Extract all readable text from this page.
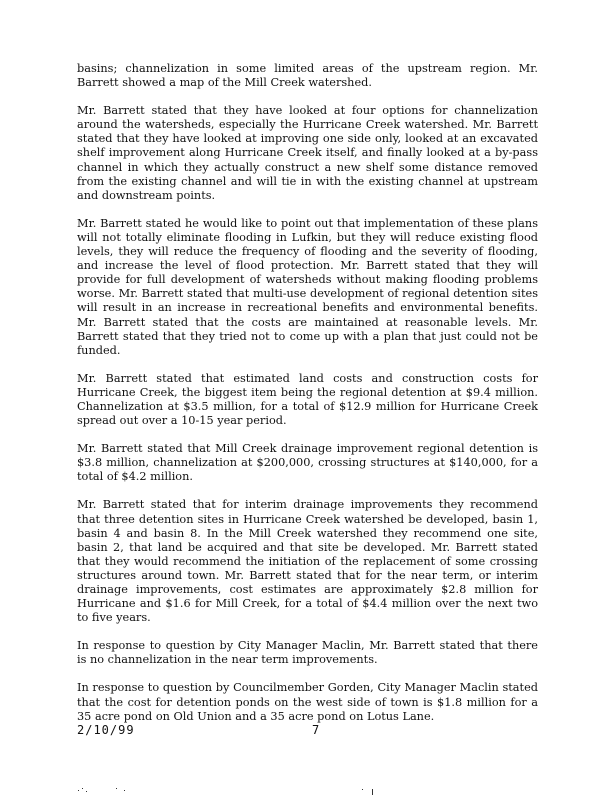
basins; channelization in some limited areas of the upstream region. Mr. Barrett showed a map of the Mill Creek watershed.

Mr. Barrett stated that they have looked at four options for channelization around the watersheds, especially the Hurricane Creek watershed. Mr. Barrett stated that they have looked at improving one side only, looked at an excavated shelf improvement along Hurricane Creek itself, and finally looked at a by-pass channel in which they actually construct a new shelf some distance removed from the existing channel and will tie in with the existing channel at upstream and downstream points.

Mr. Barrett stated he would like to point out that implementation of these plans will not totally eliminate flooding in Lufkin, but they will reduce existing flood levels, they will reduce the frequency of flooding and the severity of flooding, and increase the level of flood protection. Mr. Barrett stated that they will provide for full development of watersheds without making flooding problems worse. Mr. Barrett stated that multi-use development of regional detention sites will result in an increase in recreational benefits and environmental benefits. Mr. Barrett stated that the costs are maintained at reasonable levels. Mr. Barrett stated that they tried not to come up with a plan that just could not be funded.

Mr. Barrett stated that estimated land costs and construction costs for Hurricane Creek, the biggest item being the regional detention at $9.4 million. Channelization at $3.5 million, for a total of $12.9 million for Hurricane Creek spread out over a 10-15 year period.

Mr. Barrett stated that Mill Creek drainage improvement regional detention is $3.8 million, channelization at $200,000, crossing structures at $140,000, for a total of $4.2 million.

Mr. Barrett stated that for interim drainage improvements they recommend that three detention sites in Hurricane Creek watershed be developed, basin 1, basin 4 and basin 8. In the Mill Creek watershed they recommend one site, basin 2, that land be acquired and that site be developed. Mr. Barrett stated that they would recommend the initiation of the replacement of some crossing structures around town. Mr. Barrett stated that for the near term, or interim drainage improvements, cost estimates are approximately $2.8 million for Hurricane and $1.6 for Mill Creek, for a total of $4.4 million over the next two to five years.

In response to question by City Manager Maclin, Mr. Barrett stated that there is no channelization in the near term improvements.

In response to question by Councilmember Gorden, City Manager Maclin stated that the cost for detention ponds on the west side of town is $1.8 million for a 35 acre pond on Old Union and a 35 acre pond on Lotus Lane.

2/10/99	7
